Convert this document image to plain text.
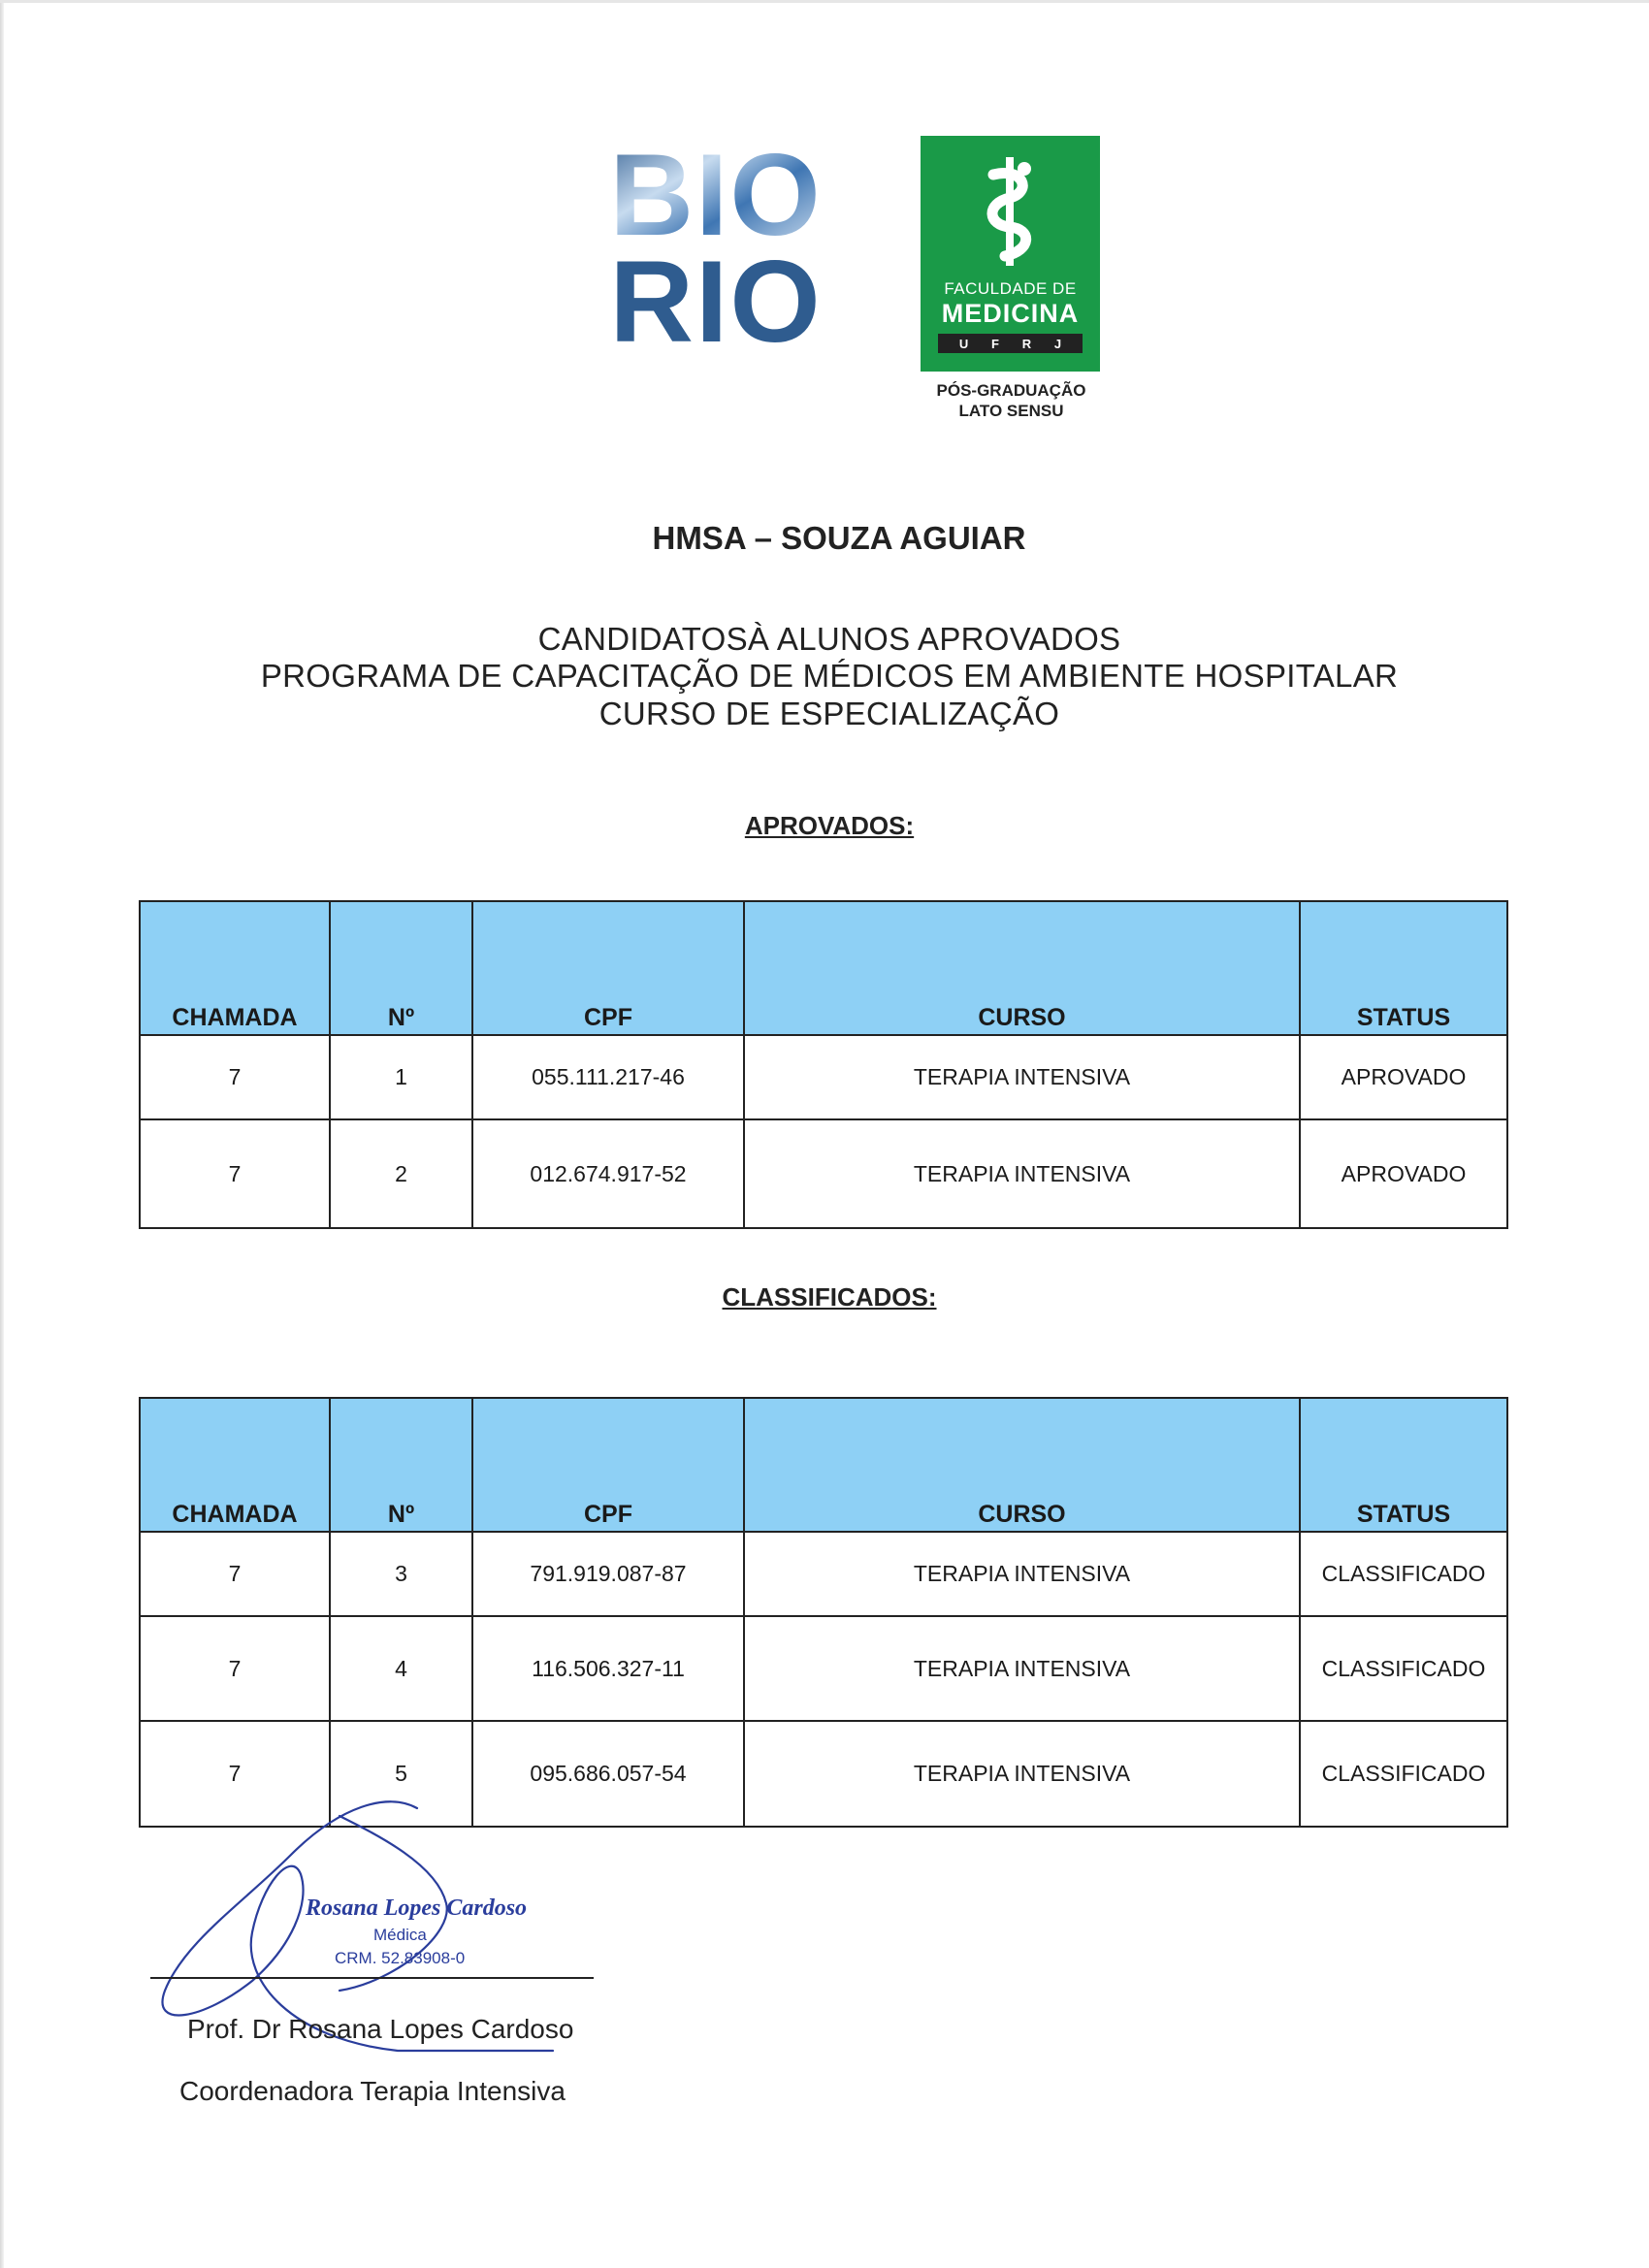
BIO
RIO	FACULDADE DE
MEDICINA
U F R J
PÓS-GRADUAÇÃO
LATO SENSU
HMSA – SOUZA AGUIAR
CANDIDATOSÀ ALUNOS APROVADOS
PROGRAMA DE CAPACITAÇÃO DE MÉDICOS EM AMBIENTE HOSPITALAR
CURSO DE ESPECIALIZAÇÃO
APROVADOS:
CHAMADA	Nº	CPF	CURSO	STATUS
7	1	055.111.217-46	TERAPIA INTENSIVA	APROVADO
7	2	012.674.917-52	TERAPIA INTENSIVA	APROVADO
CLASSIFICADOS:
CHAMADA	Nº	CPF	CURSO	STATUS
7	3	791.919.087-87	TERAPIA INTENSIVA	CLASSIFICADO
7	4	116.506.327-11	TERAPIA INTENSIVA	CLASSIFICADO
7	5	095.686.057-54	TERAPIA INTENSIVA	CLASSIFICADO
Rosana Lopes Cardoso
Médica
CRM. 52.83908-0
Prof. Dr Rosana Lopes Cardoso
Coordenadora Terapia Intensiva
